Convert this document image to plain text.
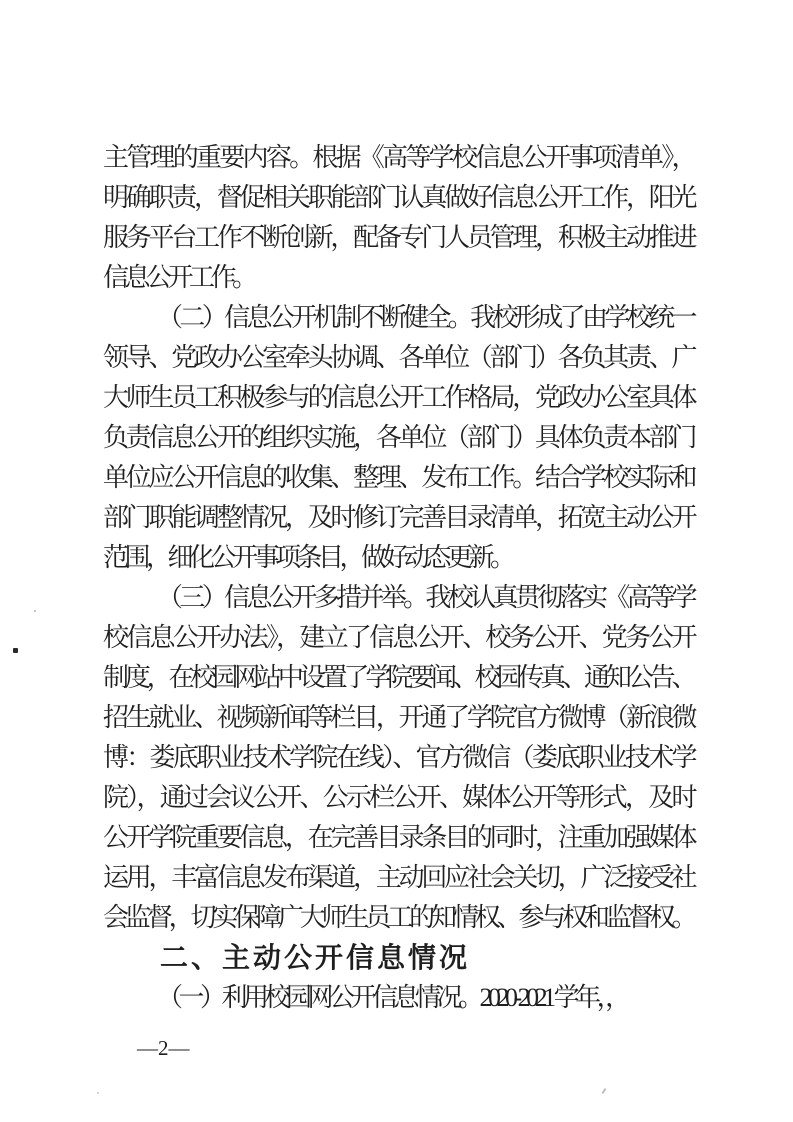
主管理的重要内容。根据《高等学校信息公开事项清单》，
明确职责，督促相关职能部门认真做好信息公开工作，阳光
服务平台工作不断创新，配备专门人员管理，积极主动推进
信息公开工作。
（二）信息公开机制不断健全。我校形成了由学校统一
领导、党政办公室牵头协调、各单位（部门）各负其责、广
大师生员工积极参与的信息公开工作格局，党政办公室具体
负责信息公开的组织实施，各单位（部门）具体负责本部门
单位应公开信息的收集、整理、发布工作。结合学校实际和
部门职能调整情况，及时修订完善目录清单，拓宽主动公开
范围，细化公开事项条目，做好动态更新。
（三）信息公开多措并举。我校认真贯彻落实《高等学
校信息公开办法》，建立了信息公开、校务公开、党务公开
制度，在校园网站中设置了学院要闻、校园传真、通知公告、
招生就业、视频新闻等栏目，开通了学院官方微博（新浪微
博：娄底职业技术学院在线）、官方微信（娄底职业技术学
院），通过会议公开、公示栏公开、媒体公开等形式，及时
公开学院重要信息，在完善目录条目的同时，注重加强媒体
运用，丰富信息发布渠道，主动回应社会关切，广泛接受社
会监督，切实保障广大师生员工的知情权、参与权和监督权。
二、主动公开信息情况
（一）利用校园网公开信息情况。2020-2021 学年，，
—2—
